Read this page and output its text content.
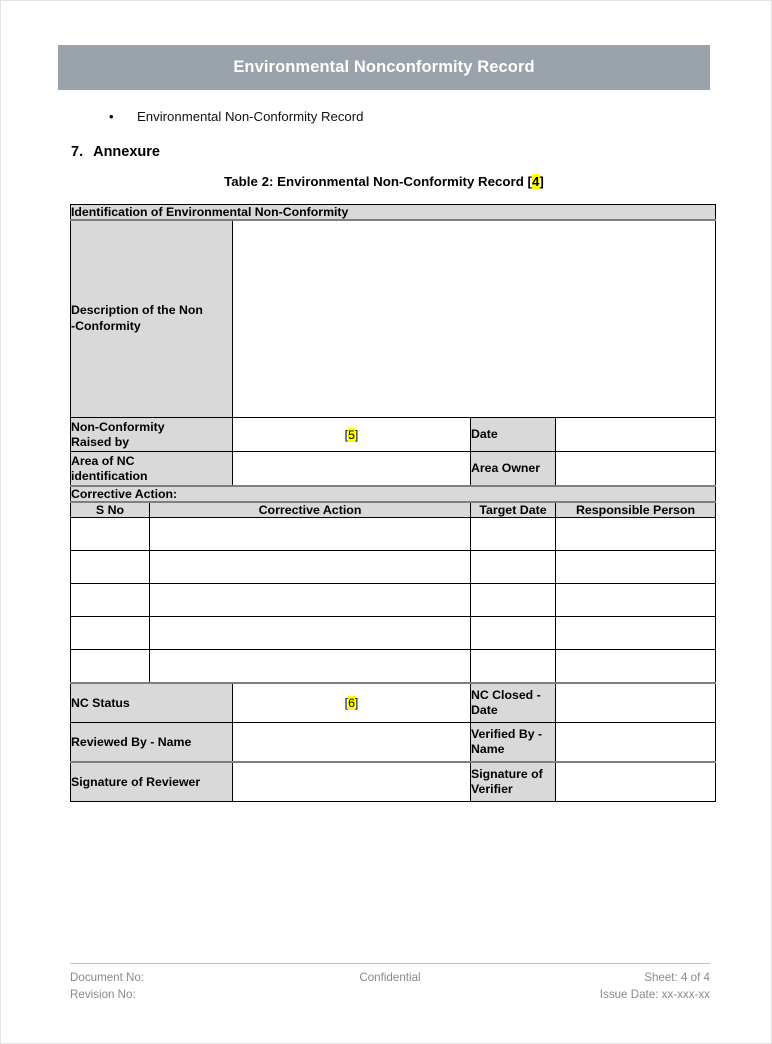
Environmental Nonconformity Record
•	Environmental Non-Conformity Record
7. Annexure
Table 2: Environmental Non-Conformity Record [4]
Identification of Environmental Non-Conformity				

Description of the Non
-Conformity				

Non-Conformity
Raised by		[5]	Date	

Area of NC
identification			Area Owner	
Corrective Action:				
S No	Corrective Action		Target Date	Responsible Person

NC Status		[6]	NC Closed - Date	
Reviewed By - Name			Verified By - Name	
Signature of Reviewer			Signature of Verifier	
Document No:	Confidential	Sheet: 4 of 4
Revision No:	Issue Date: xx-xxx-xx
